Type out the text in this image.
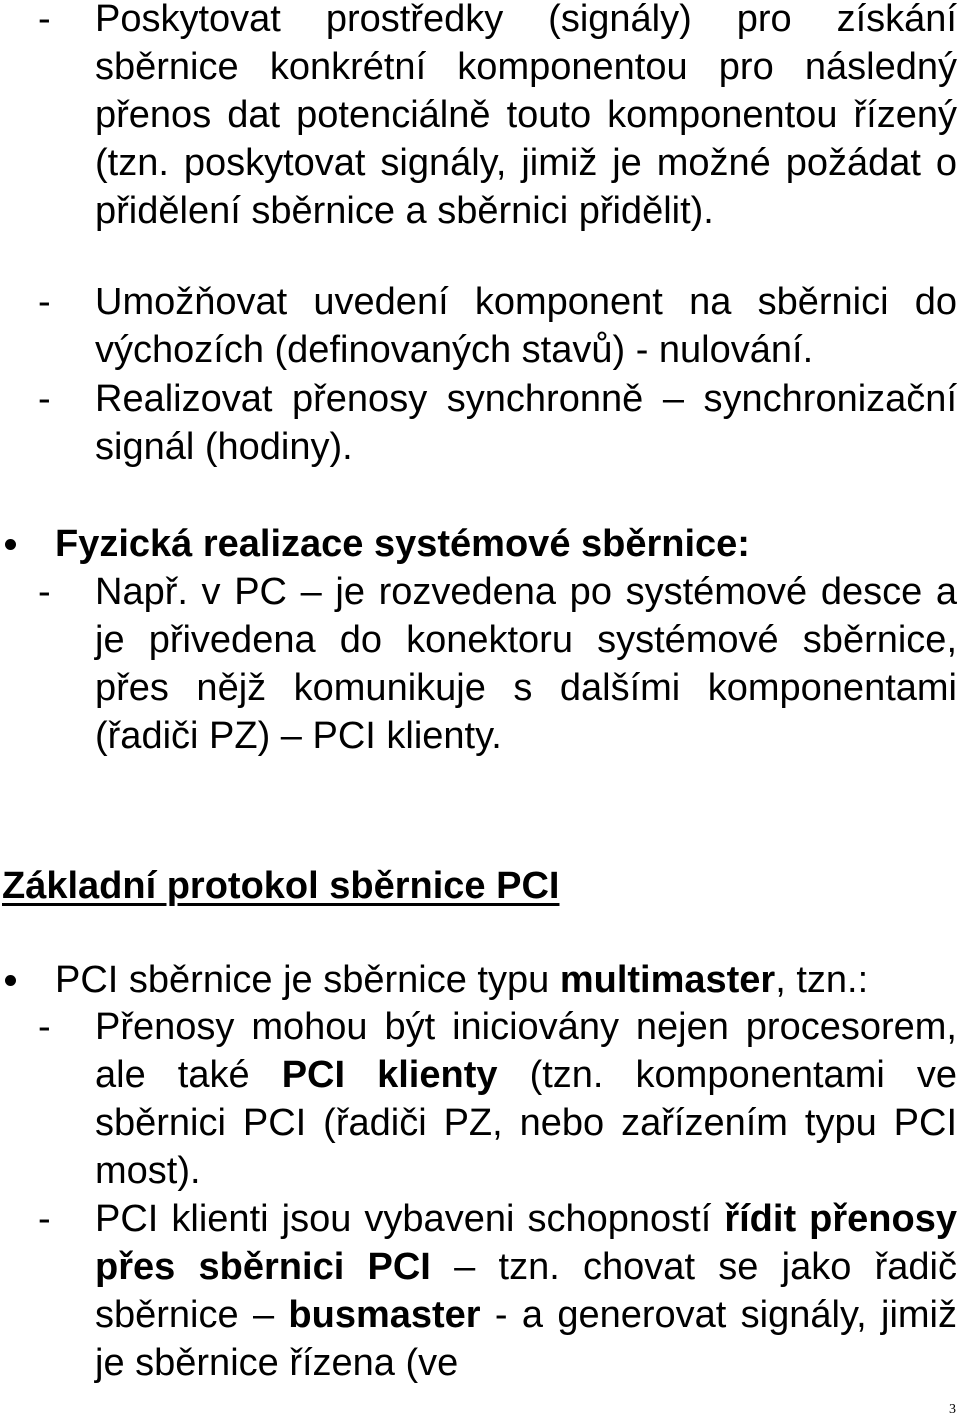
- Poskytovat prostředky (signály) pro získání sběrnice konkrétní komponentou pro následný přenos dat potenciálně touto komponentou řízený (tzn. poskytovat signály, jimiž je možné požádat o přidělení sběrnice a sběrnici přidělit).
- Umožňovat uvedení komponent na sběrnici do výchozích (definovaných stavů) - nulování.
- Realizovat přenosy synchronně – synchronizační signál (hodiny).
Fyzická realizace systémové sběrnice:
- Např. v PC – je rozvedena po systémové desce a je přivedena do konektoru systémové sběrnice, přes nějž komunikuje s dalšími komponentami (řadiči PZ) – PCI klienty.
Základní protokol sběrnice PCI
PCI sběrnice je sběrnice typu multimaster, tzn.:
- Přenosy mohou být iniciovány nejen procesorem, ale také PCI klienty (tzn. komponentami ve sběrnici PCI (řadiči PZ, nebo zařízením typu PCI most).
- PCI klienti jsou vybaveni schopností řídit přenosy přes sběrnici PCI – tzn. chovat se jako řadič sběrnice – busmaster - a generovat signály, jimiž je sběrnice řízena (ve
3
